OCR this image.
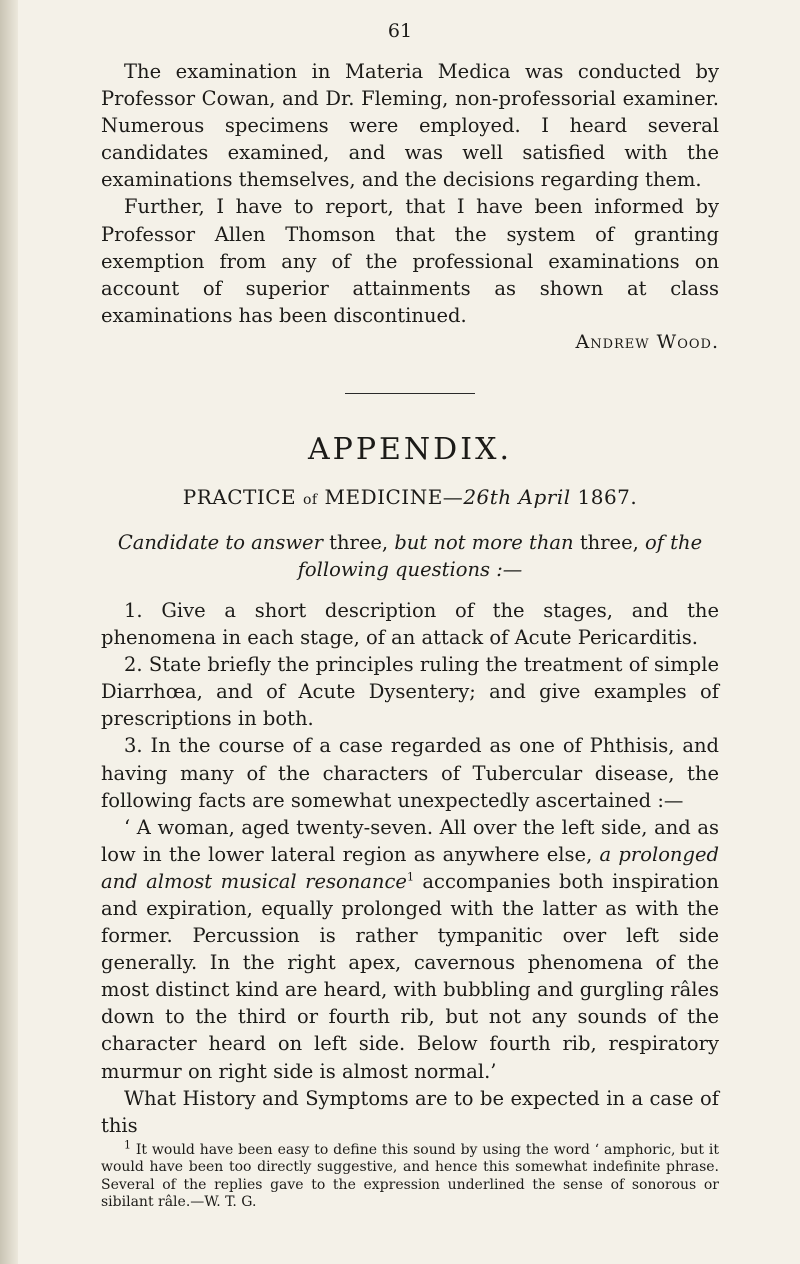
61

The examination in Materia Medica was conducted by Professor Cowan, and Dr. Fleming, non-professorial examiner. Numerous specimens were employed. I heard several candidates examined, and was well satisfied with the examinations themselves, and the decisions regarding them.

Further, I have to report, that I have been informed by Professor Allen Thomson that the system of granting exemption from any of the professional examinations on account of superior attainments as shown at class examinations has been discontinued.

Andrew Wood.

APPENDIX.

PRACTICE of MEDICINE—26th April 1867.

Candidate to answer three, but not more than three, of the following questions :—

1. Give a short description of the stages, and the phenomena in each stage, of an attack of Acute Pericarditis.

2. State briefly the principles ruling the treatment of simple Diarrhœa, and of Acute Dysentery; and give examples of prescriptions in both.

3. In the course of a case regarded as one of Phthisis, and having many of the characters of Tubercular disease, the following facts are somewhat unexpectedly ascertained :—

‘ A woman, aged twenty-seven. All over the left side, and as low in the lower lateral region as anywhere else, a prolonged and almost musical resonance$^1$ accompanies both inspiration and expiration, equally prolonged with the latter as with the former. Percussion is rather tympanitic over left side generally. In the right apex, cavernous phenomena of the most distinct kind are heard, with bubbling and gurgling râles down to the third or fourth rib, but not any sounds of the character heard on left side. Below fourth rib, respiratory murmur on right side is almost normal.’

What History and Symptoms are to be expected in a case of this

$^1$ It would have been easy to define this sound by using the word ‘ amphoric, but it would have been too directly suggestive, and hence this somewhat indefinite phrase. Several of the replies gave to the expression underlined the sense of sonorous or sibilant râle.—W. T. G.
